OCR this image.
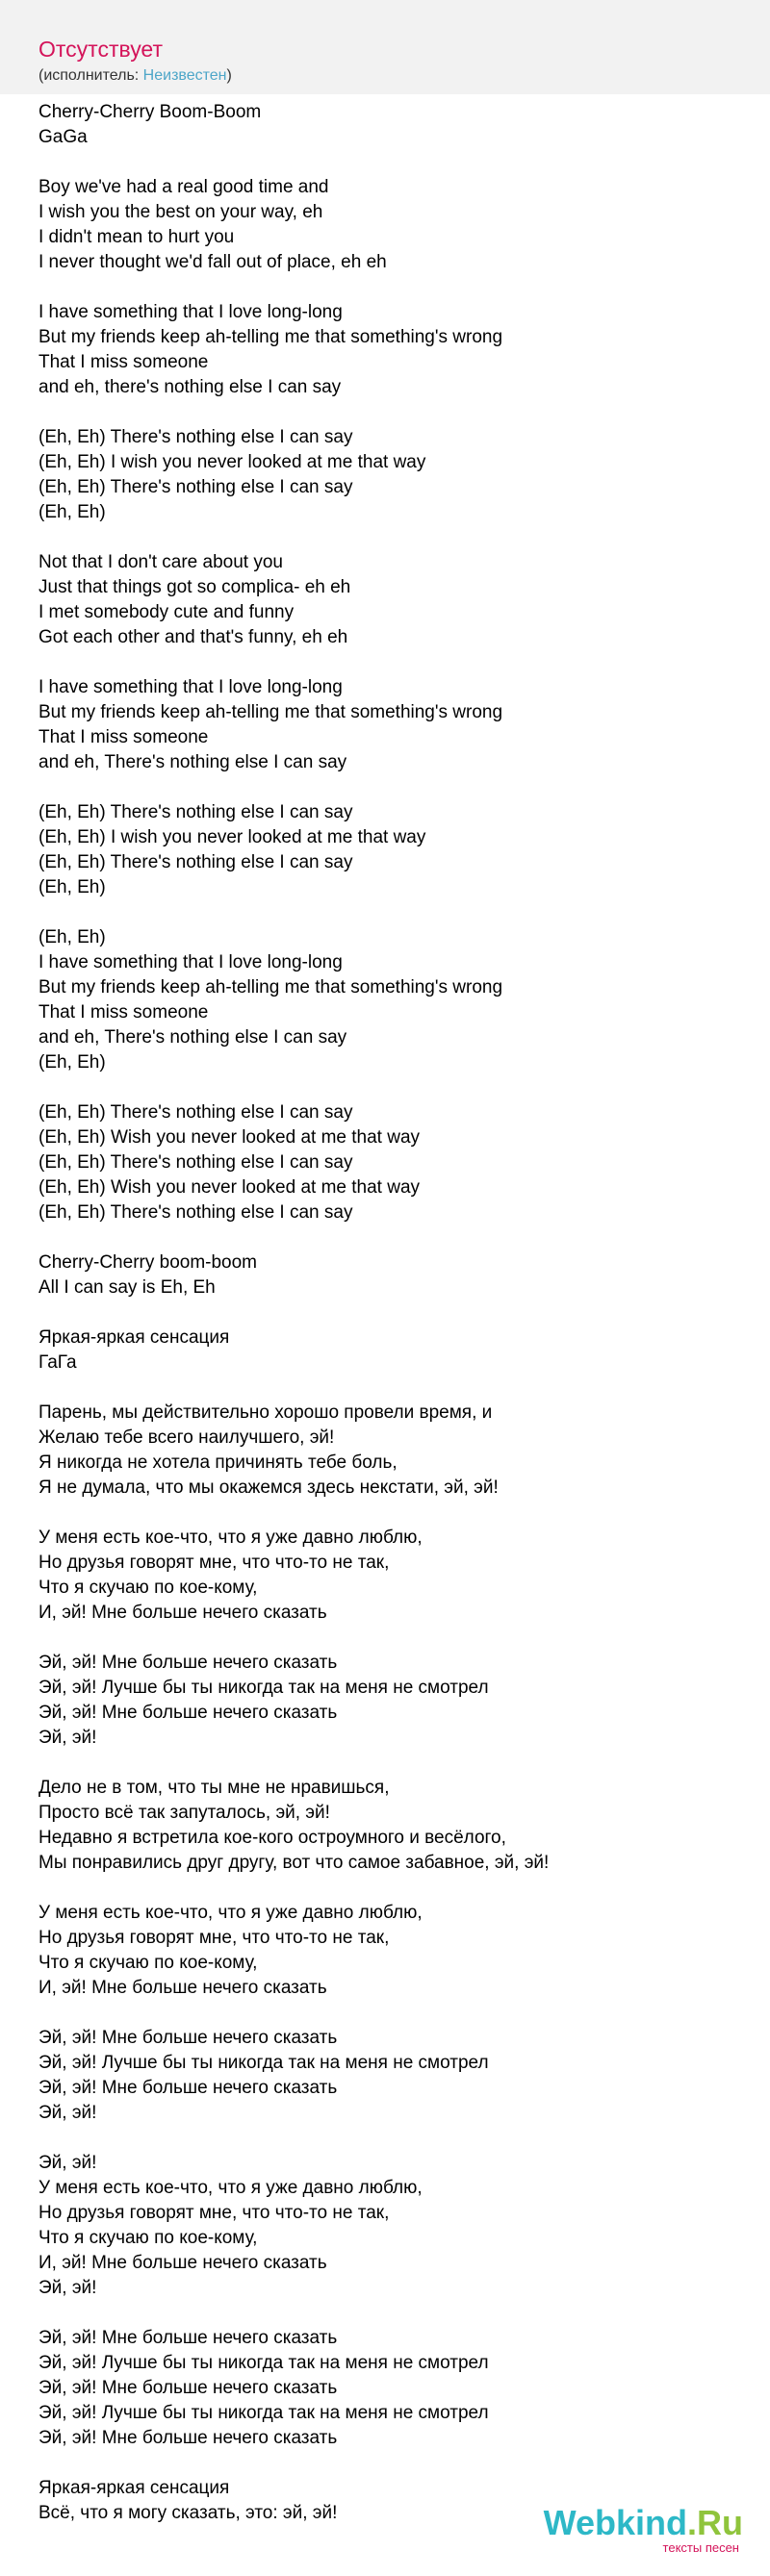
Отсутствует
(исполнитель: Неизвестен)
Cherry-Cherry Boom-Boom
GaGa
Boy we've had a real good time and
I wish you the best on your way, eh
I didn't mean to hurt you
I never thought we'd fall out of place, eh eh
I have something that I love long-long
But my friends keep ah-telling me that something's wrong
That I miss someone
and eh, there's nothing else I can say
(Eh, Eh) There's nothing else I can say
(Eh, Eh) I wish you never looked at me that way
(Eh, Eh) There's nothing else I can say
(Eh, Eh)
Not that I don't care about you
Just that things got so complica- eh eh
I met somebody cute and funny
Got each other and that's funny, eh eh
I have something that I love long-long
But my friends keep ah-telling me that something's wrong
That I miss someone
and eh, There's nothing else I can say
(Eh, Eh) There's nothing else I can say
(Eh, Eh) I wish you never looked at me that way
(Eh, Eh) There's nothing else I can say
(Eh, Eh)
(Eh, Eh)
I have something that I love long-long
But my friends keep ah-telling me that something's wrong
That I miss someone
and eh, There's nothing else I can say
(Eh, Eh)
(Eh, Eh) There's nothing else I can say
(Eh, Eh) Wish you never looked at me that way
(Eh, Eh) There's nothing else I can say
(Eh, Eh) Wish you never looked at me that way
(Eh, Eh) There's nothing else I can say
Cherry-Cherry boom-boom
All I can say is Eh, Eh
Яркая-яркая сенсация
ГаГа
Парень, мы действительно хорошо провели время, и
Желаю тебе всего наилучшего, эй!
Я никогда не хотела причинять тебе боль,
Я не думала, что мы окажемся здесь некстати, эй, эй!
У меня есть кое-что, что я уже давно люблю,
Но друзья говорят мне, что что-то не так,
Что я скучаю по кое-кому,
И, эй! Мне больше нечего сказать
Эй, эй! Мне больше нечего сказать
Эй, эй! Лучше бы ты никогда так на меня не смотрел
Эй, эй! Мне больше нечего сказать
Эй, эй!
Дело не в том, что ты мне не нравишься,
Просто всё так запуталось, эй, эй!
Недавно я встретила кое-кого остроумного и весёлого,
Мы понравились друг другу, вот что самое забавное, эй, эй!
У меня есть кое-что, что я уже давно люблю,
Но друзья говорят мне, что что-то не так,
Что я скучаю по кое-кому,
И, эй! Мне больше нечего сказать
Эй, эй! Мне больше нечего сказать
Эй, эй! Лучше бы ты никогда так на меня не смотрел
Эй, эй! Мне больше нечего сказать
Эй, эй!
Эй, эй!
У меня есть кое-что, что я уже давно люблю,
Но друзья говорят мне, что что-то не так,
Что я скучаю по кое-кому,
И, эй! Мне больше нечего сказать
Эй, эй!
Эй, эй! Мне больше нечего сказать
Эй, эй! Лучше бы ты никогда так на меня не смотрел
Эй, эй! Мне больше нечего сказать
Эй, эй! Лучше бы ты никогда так на меня не смотрел
Эй, эй! Мне больше нечего сказать
Яркая-яркая сенсация
Всё, что я могу сказать, это: эй, эй!	Webkind.Ru
тексты песен
